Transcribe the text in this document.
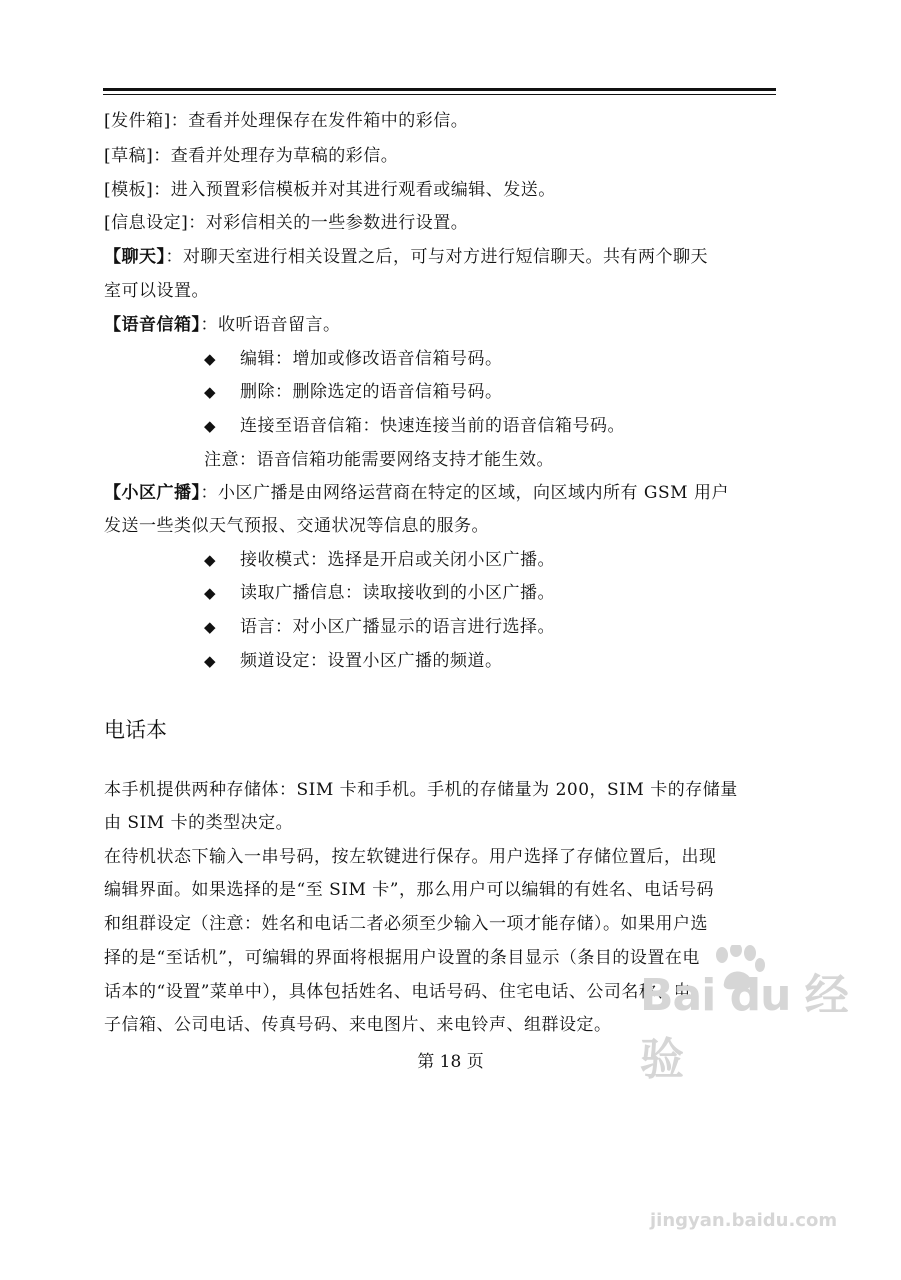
[发件箱]：查看并处理保存在发件箱中的彩信。
[草稿]：查看并处理存为草稿的彩信。
[模板]：进入预置彩信模板并对其进行观看或编辑、发送。
[信息设定]：对彩信相关的一些参数进行设置。
【聊天】：对聊天室进行相关设置之后，可与对方进行短信聊天。共有两个聊天
室可以设置。
【语音信箱】：收听语音留言。
◆ 编辑：增加或修改语音信箱号码。
◆ 删除：删除选定的语音信箱号码。
◆ 连接至语音信箱：快速连接当前的语音信箱号码。
注意：语音信箱功能需要网络支持才能生效。
【小区广播】：小区广播是由网络运营商在特定的区域，向区域内所有 GSM 用户
发送一些类似天气预报、交通状况等信息的服务。
◆ 接收模式：选择是开启或关闭小区广播。
◆ 读取广播信息：读取接收到的小区广播。
◆ 语言：对小区广播显示的语言进行选择。
◆ 频道设定：设置小区广播的频道。
电话本
本手机提供两种存储体：SIM 卡和手机。手机的存储量为 200，SIM 卡的存储量
由 SIM 卡的类型决定。
在待机状态下输入一串号码，按左软键进行保存。用户选择了存储位置后，出现
编辑界面。如果选择的是“至 SIM 卡”，那么用户可以编辑的有姓名、电话号码
和组群设定（注意：姓名和电话二者必须至少输入一项才能存储）。如果用户选
择的是“至话机”，可编辑的界面将根据用户设置的条目显示（条目的设置在电
话本的“设置”菜单中），具体包括姓名、电话号码、住宅电话、公司名称、电
子信箱、公司电话、传真号码、来电图片、来电铃声、组群设定。
第 18 页
Bai du 经验
jingyan.baidu.com
